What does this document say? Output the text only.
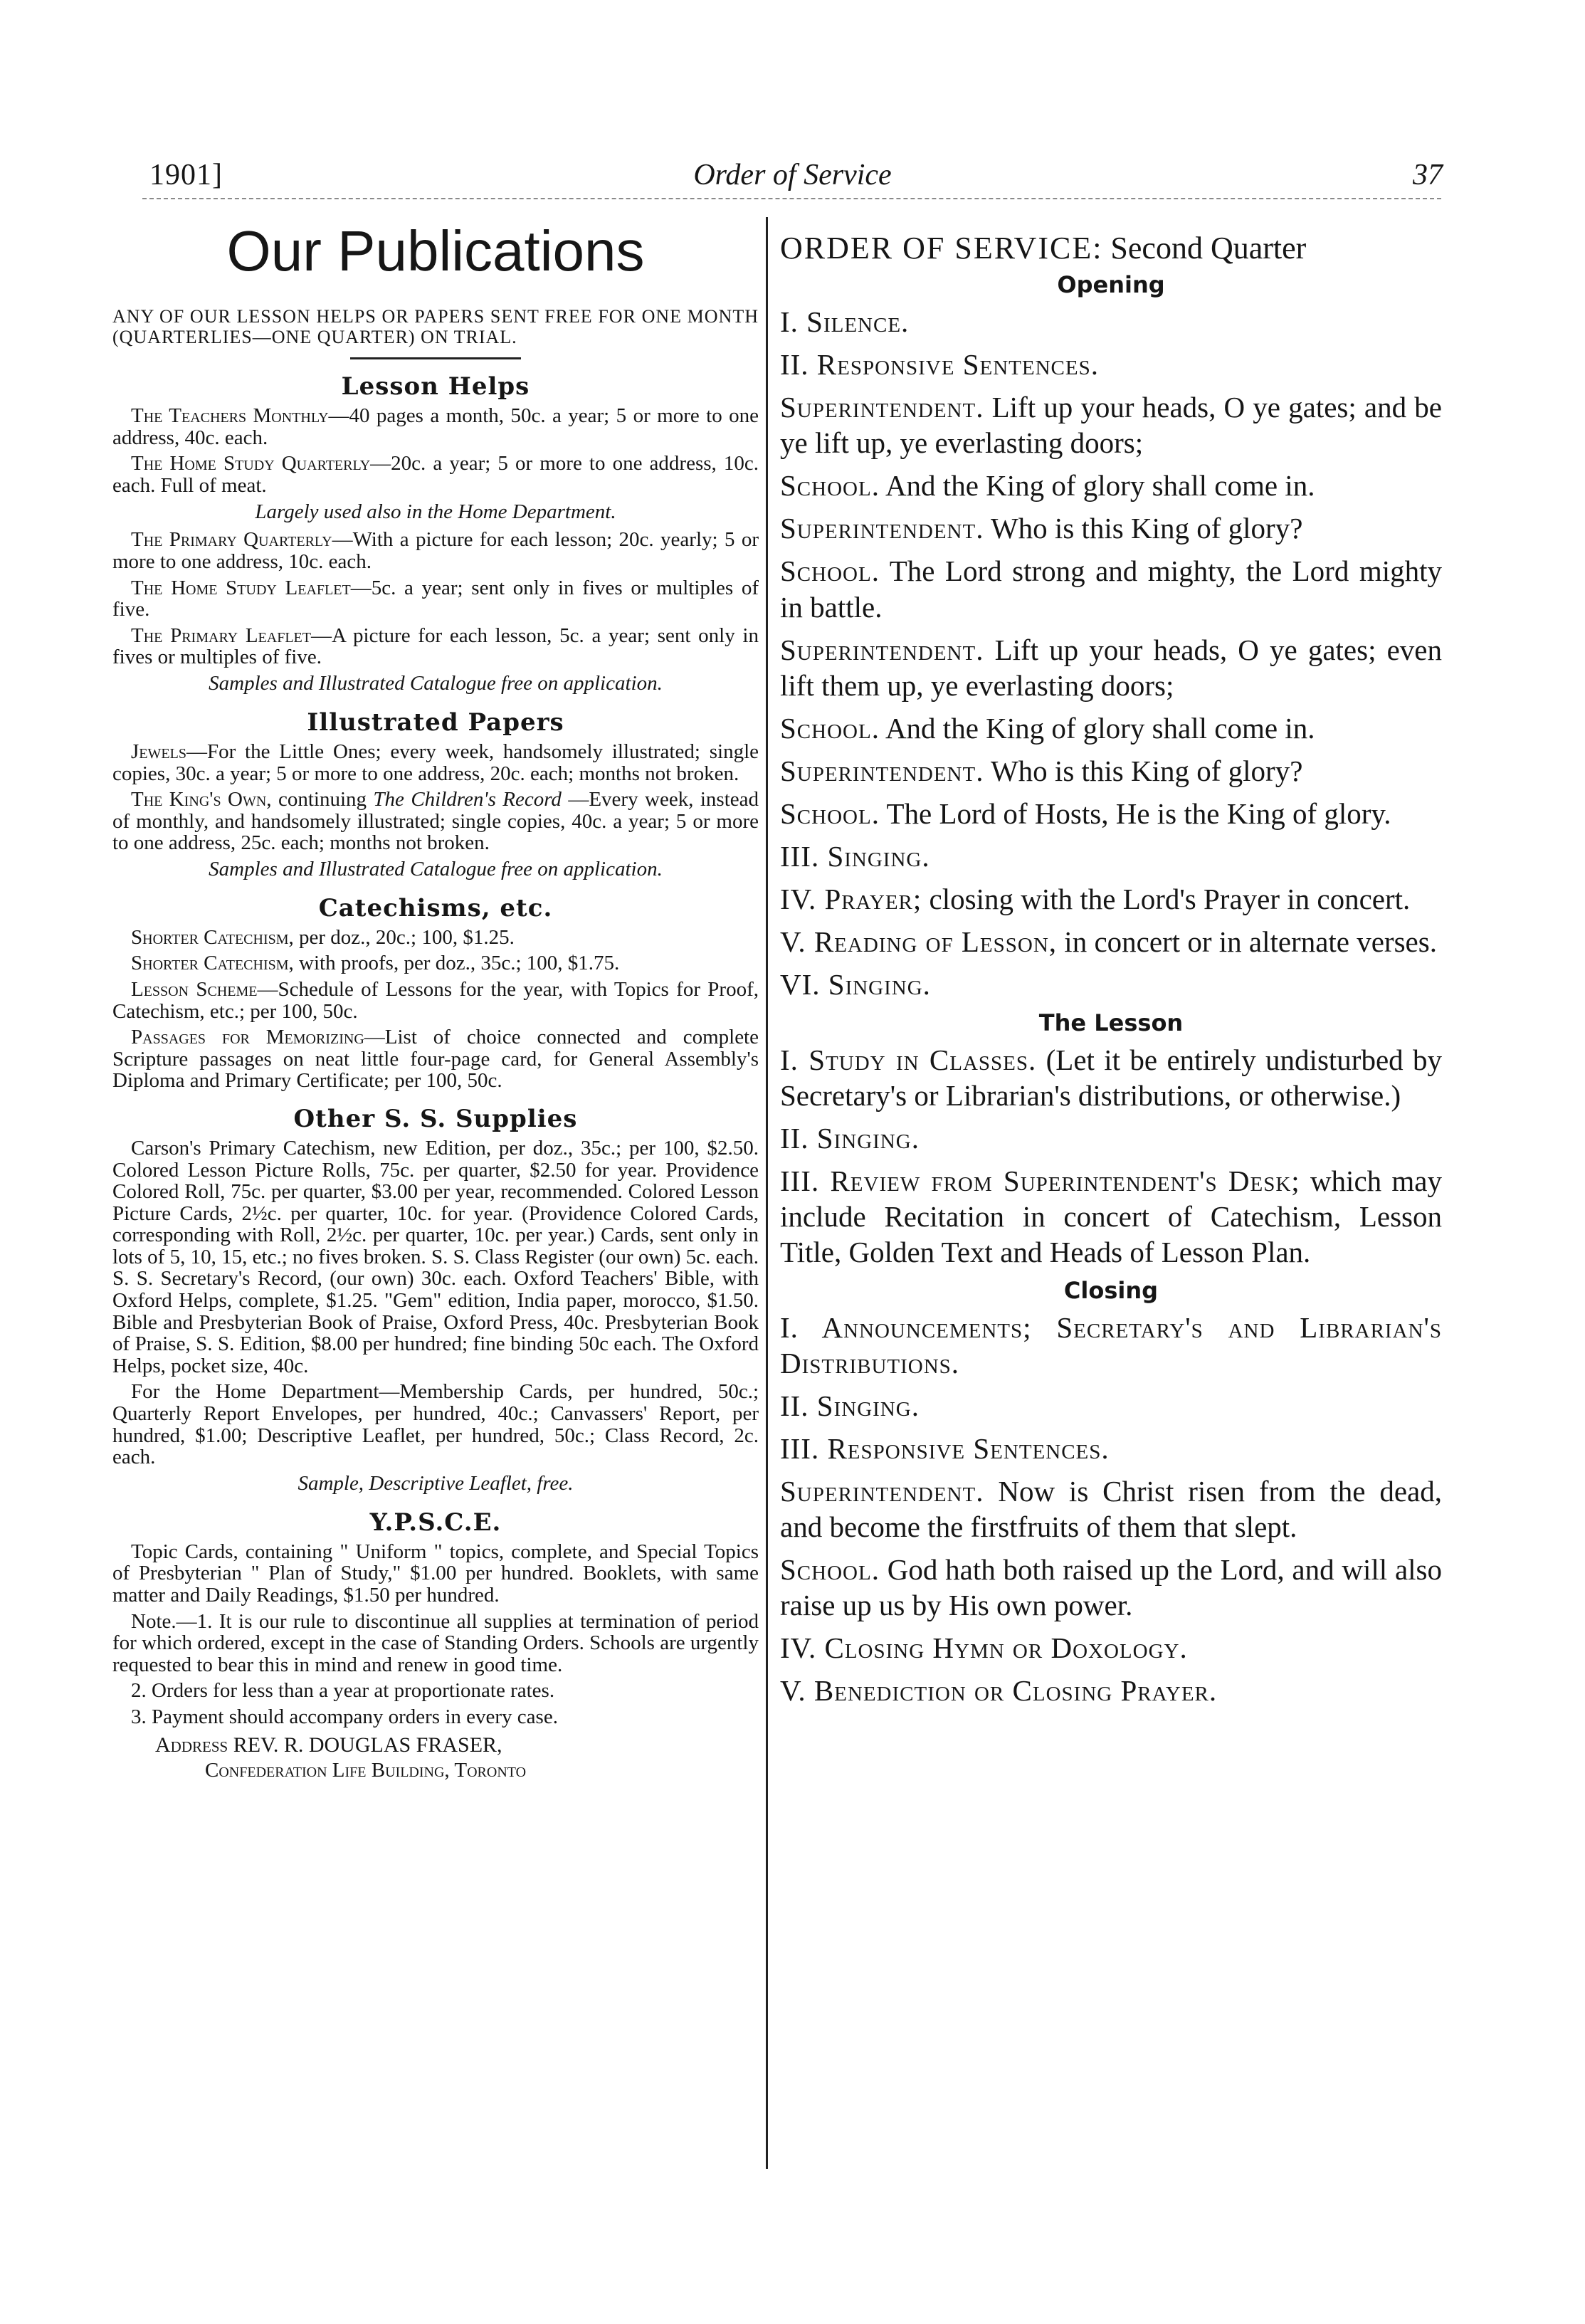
1901]	Order of Service	37
Our Publications

ANY OF OUR LESSON HELPS OR PAPERS SENT FREE FOR ONE MONTH (QUARTERLIES—ONE QUARTER) ON TRIAL.

Lesson Helps

The Teachers Monthly—40 pages a month, 50c. a year; 5 or more to one address, 40c. each.

The Home Study Quarterly—20c. a year; 5 or more to one address, 10c. each. Full of meat.

Largely used also in the Home Department.

The Primary Quarterly—With a picture for each lesson; 20c. yearly; 5 or more to one address, 10c. each.

The Home Study Leaflet—5c. a year; sent only in fives or multiples of five.

The Primary Leaflet—A picture for each lesson, 5c. a year; sent only in fives or multiples of five.

Samples and Illustrated Catalogue free on application.

Illustrated Papers

Jewels—For the Little Ones; every week, handsomely illustrated; single copies, 30c. a year; 5 or more to one address, 20c. each; months not broken.

The King's Own, continuing The Children's Record —Every week, instead of monthly, and handsomely illustrated; single copies, 40c. a year; 5 or more to one address, 25c. each; months not broken.

Samples and Illustrated Catalogue free on application.

Catechisms, etc.

Shorter Catechism, per doz., 20c.; 100, $1.25.

Shorter Catechism, with proofs, per doz., 35c.; 100, $1.75.

Lesson Scheme—Schedule of Lessons for the year, with Topics for Proof, Catechism, etc.; per 100, 50c.

Passages for Memorizing—List of choice connected and complete Scripture passages on neat little four-page card, for General Assembly's Diploma and Primary Certificate; per 100, 50c.

Other S. S. Supplies

Carson's Primary Catechism, new Edition, per doz., 35c.; per 100, $2.50. Colored Lesson Picture Rolls, 75c. per quarter, $2.50 for year. Providence Colored Roll, 75c. per quarter, $3.00 per year, recommended. Colored Lesson Picture Cards, 2½c. per quarter, 10c. for year. (Providence Colored Cards, corresponding with Roll, 2½c. per quarter, 10c. per year.) Cards, sent only in lots of 5, 10, 15, etc.; no fives broken. S. S. Class Register (our own) 5c. each. S. S. Secretary's Record, (our own) 30c. each. Oxford Teachers' Bible, with Oxford Helps, complete, $1.25. "Gem" edition, India paper, morocco, $1.50. Bible and Presbyterian Book of Praise, Oxford Press, 40c. Presbyterian Book of Praise, S. S. Edition, $8.00 per hundred; fine binding 50c each. The Oxford Helps, pocket size, 40c.

For the Home Department—Membership Cards, per hundred, 50c.; Quarterly Report Envelopes, per hundred, 40c.; Canvassers' Report, per hundred, $1.00; Descriptive Leaflet, per hundred, 50c.; Class Record, 2c. each.

Sample, Descriptive Leaflet, free.

Y.P.S.C.E.

Topic Cards, containing " Uniform " topics, complete, and Special Topics of Presbyterian " Plan of Study," $1.00 per hundred. Booklets, with same matter and Daily Readings, $1.50 per hundred.

Note.—1. It is our rule to discontinue all supplies at termination of period for which ordered, except in the case of Standing Orders. Schools are urgently requested to bear this in mind and renew in good time.

2. Orders for less than a year at proportionate rates.

3. Payment should accompany orders in every case.

Address REV. R. DOUGLAS FRASER,
Confederation Life Building, Toronto
ORDER OF SERVICE: Second Quarter
Opening

I. Silence.

II. Responsive Sentences.

Superintendent. Lift up your heads, O ye gates; and be ye lift up, ye everlasting doors;

School. And the King of glory shall come in.

Superintendent. Who is this King of glory?

School. The Lord strong and mighty, the Lord mighty in battle.

Superintendent. Lift up your heads, O ye gates; even lift them up, ye everlasting doors;

School. And the King of glory shall come in.

Superintendent. Who is this King of glory?

School. The Lord of Hosts, He is the King of glory.

III. Singing.

IV. Prayer; closing with the Lord's Prayer in concert.

V. Reading of Lesson, in concert or in alternate verses.

VI. Singing.

The Lesson

I. Study in Classes. (Let it be entirely undisturbed by Secretary's or Librarian's distributions, or otherwise.)

II. Singing.

III. Review from Superintendent's Desk; which may include Recitation in concert of Catechism, Lesson Title, Golden Text and Heads of Lesson Plan.

Closing

I. Announcements; Secretary's and Librarian's Distributions.

II. Singing.

III. Responsive Sentences.

Superintendent. Now is Christ risen from the dead, and become the firstfruits of them that slept.

School. God hath both raised up the Lord, and will also raise up us by His own power.

IV. Closing Hymn or Doxology.

V. Benediction or Closing Prayer.
